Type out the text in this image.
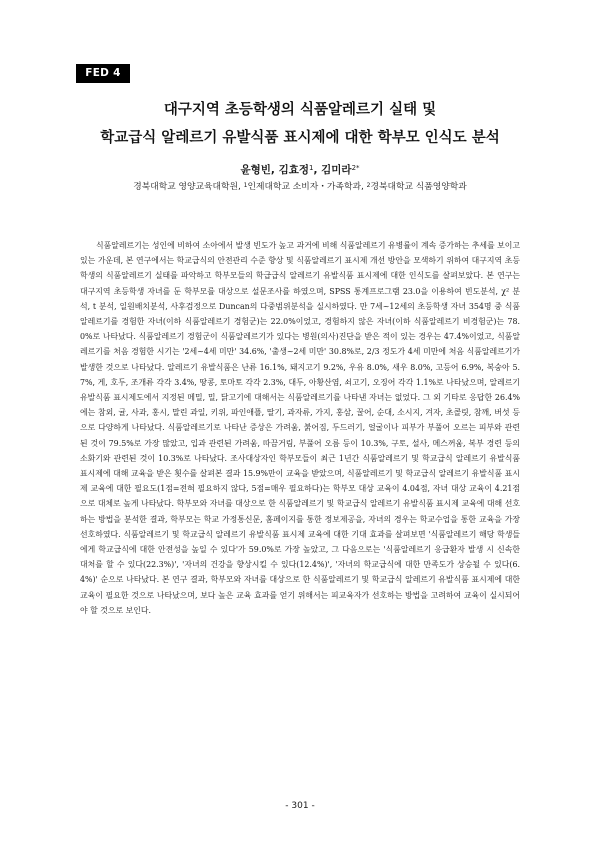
FED 4
대구지역 초등학생의 식품알레르기 실태 및
학교급식 알레르기 유발식품 표시제에 대한 학부모 인식도 분석
윤형빈, 김효정$^1$, 김미라$^{2*}$
경북대학교 영양교육대학원, $^1$인제대학교 소비자・가족학과, $^2$경북대학교 식품영양학과

식품알레르기는 성인에 비하여 소아에서 발생 빈도가 높고 과거에 비해 식품알레르기 유병률이 계속 증가하는 추세를 보이고 있는 가운데, 본 연구에서는 학교급식의 안전관리 수준 향상 및 식품알레르기 표시제 개선 방안을 모색하기 위하여 대구지역 초등학생의 식품알레르기 실태를 파악하고 학부모들의 학급급식 알레르기 유발식품 표시제에 대한 인식도를 살펴보았다. 본 연구는 대구지역 초등학생 자녀를 둔 학부모를 대상으로 설문조사를 하였으며, SPSS 통계프로그램 23.0을 이용하여 빈도분석, χ² 분석, t 분석, 일원배치분석, 사후검정으로 Duncan의 다중범위분석을 실시하였다. 만 7세~12세의 초등학생 자녀 354명 중 식품알레르기를 경험한 자녀(이하 식품알레르기 경험군)는 22.0%이었고, 경험하지 않은 자녀(이하 식품알레르기 비경험군)는 78.0%로 나타났다. 식품알레르기 경험군이 식품알레르기가 있다는 병원(의사)진단을 받은 적이 있는 경우는 47.4%이었고, 식품알레르기를 처음 경험한 시기는 '2세~4세 미만' 34.6%, '출생~2세 미만' 30.8%로, 2/3 정도가 4세 미만에 처음 식품알레르기가 발생한 것으로 나타났다. 알레르기 유발식품은 난류 16.1%, 돼지고기 9.2%, 우유 8.0%, 새우 8.0%, 고등어 6.9%, 복숭아 5.7%, 게, 호두, 조개류 각각 3.4%, 땅콩, 토마토 각각 2.3%, 대두, 아황산염, 쇠고기, 오징어 각각 1.1%로 나타났으며, 알레르기 유발식품 표시제도에서 지정된 메밀, 밀, 닭고기에 대해서는 식품알레르기를 나타낸 자녀는 없었다. 그 외 기타로 응답한 26.4%에는 참외, 귤, 사과, 홍시, 말린 과일, 키위, 파인애플, 딸기, 과자류, 가지, 홍삼, 꿀어, 순대, 소시지, 겨자, 초콜릿, 참깨, 버섯 등으로 다양하게 나타났다. 식품알레르기로 나타난 증상은 가려움, 붉어짐, 두드러기, 얼굴이나 피부가 부풀어 오르는 피부와 관련된 것이 79.5%로 가장 많았고, 입과 관련된 가려움, 따끔거림, 부풀어 오름 등이 10.3%, 구토, 설사, 메스꺼움, 복부 경련 등의 소화기와 관련된 것이 10.3%로 나타났다. 조사대상자인 학부모들이 최근 1년간 식품알레르기 및 학교급식 알레르기 유발식품 표시제에 대해 교육을 받은 횟수를 살펴본 결과 15.9%만이 교육을 받았으며, 식품알레르기 및 학교급식 알레르기 유발식품 표시제 교육에 대한 필요도(1점=전혀 필요하지 않다, 5점=매우 필요하다)는 학부모 대상 교육이 4.04점, 자녀 대상 교육이 4.21점으로 대체로 높게 나타났다. 학부모와 자녀를 대상으로 한 식품알레르기 및 학교급식 알레르기 유발식품 표시제 교육에 대해 선호하는 방법을 분석한 결과, 학부모는 학교 가정통신문, 홈페이지를 통한 정보제공을, 자녀의 경우는 학교수업을 통한 교육을 가장 선호하였다. 식품알레르기 및 학교급식 알레르기 유발식품 표시제 교육에 대한 기대 효과를 살펴보면 '식품알레르기 해당 학생들에게 학교급식에 대한 안전성을 높일 수 있다'가 59.0%로 가장 높았고, 그 다음으로는 '식품알레르기 응급환자 발생 시 신속한 대처를 할 수 있다(22.3%)', '자녀의 건강을 향상시킬 수 있다(12.4%)', '자녀의 학교급식에 대한 만족도가 상승될 수 있다(6.4%)' 순으로 나타났다. 본 연구 결과, 학부모와 자녀를 대상으로 한 식품알레르기 및 학교급식 알레르기 유발식품 표시제에 대한 교육이 필요한 것으로 나타났으며, 보다 높은 교육 효과를 얻기 위해서는 피교육자가 선호하는 방법을 고려하여 교육이 실시되어야 할 것으로 보인다.

- 301 -
